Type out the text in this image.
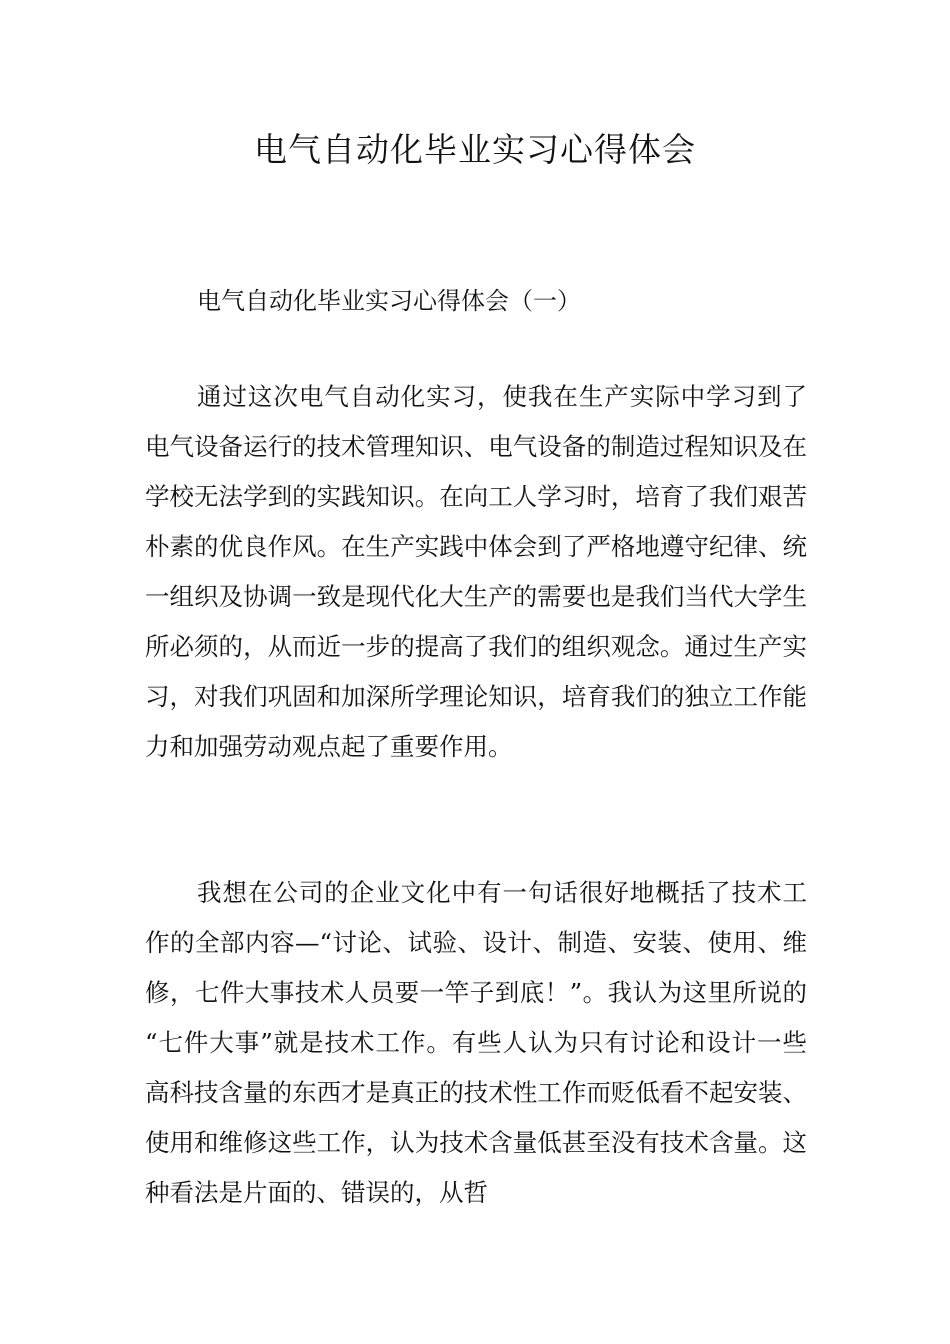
电气自动化毕业实习心得体会

电气自动化毕业实习心得体会（一）

通过这次电气自动化实习，使我在生产实际中学习到了电气设备运行的技术管理知识、电气设备的制造过程知识及在学校无法学到的实践知识。在向工人学习时，培育了我们艰苦朴素的优良作风。在生产实践中体会到了严格地遵守纪律、统一组织及协调一致是现代化大生产的需要也是我们当代大学生所必须的，从而近一步的提高了我们的组织观念。通过生产实习，对我们巩固和加深所学理论知识，培育我们的独立工作能力和加强劳动观点起了重要作用。

我想在公司的企业文化中有一句话很好地概括了技术工作的全部内容—“讨论、试验、设计、制造、安装、使用、维修，七件大事技术人员要一竿子到底！”。我认为这里所说的“七件大事”就是技术工作。有些人认为只有讨论和设计一些高科技含量的东西才是真正的技术性工作而贬低看不起安装、使用和维修这些工作，认为技术含量低甚至没有技术含量。这种看法是片面的、错误的，从哲
